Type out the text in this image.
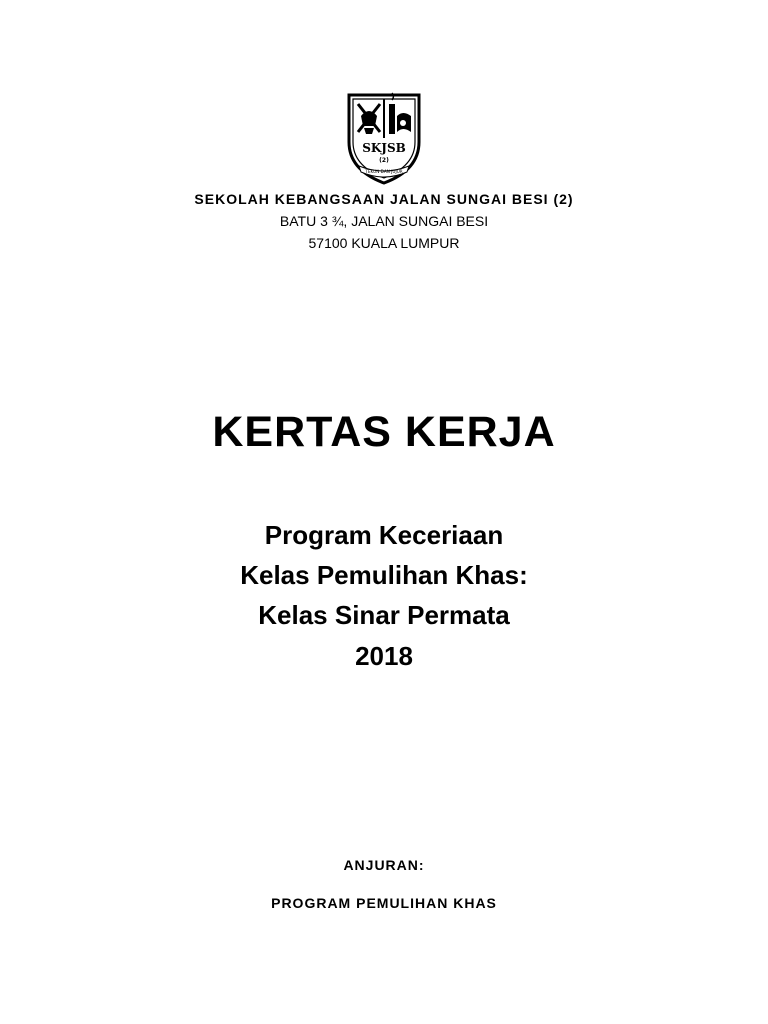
SKJSB
(2)
TEKUN DAN JUJUR
SEKOLAH KEBANGSAAN JALAN SUNGAI BESI (2)
BATU 3 ¾, JALAN SUNGAI BESI
57100 KUALA LUMPUR
KERTAS KERJA
Program Keceriaan
Kelas Pemulihan Khas:
Kelas Sinar Permata
2018
ANJURAN:
PROGRAM PEMULIHAN KHAS
